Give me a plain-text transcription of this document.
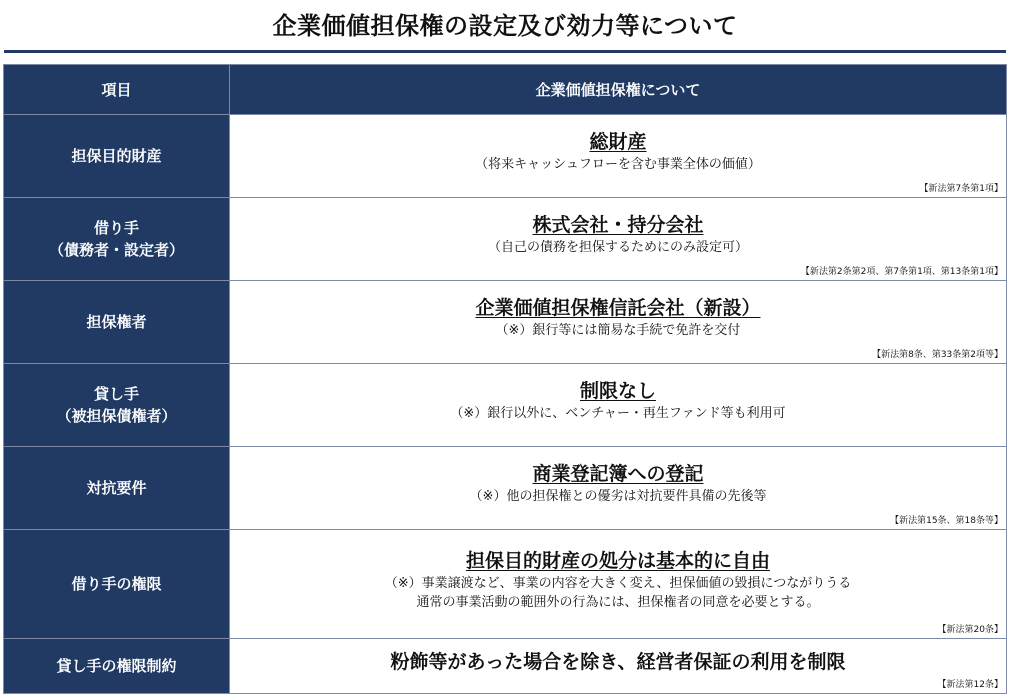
企業価値担保権の設定及び効力等について
項目	企業価値担保権について
担保目的財産
総財産
（将来キャッシュフローを含む事業全体の価値）
【新法第7条第1項】
借り手
（債務者・設定者）
株式会社・持分会社
（自己の債務を担保するためにのみ設定可）
【新法第2条第2項、第7条第1項、第13条第1項】
担保権者
企業価値担保権信託会社（新設）
（※）銀行等には簡易な手続で免許を交付
【新法第8条、第33条第2項等】
貸し手
（被担保債権者）
制限なし
（※）銀行以外に、ベンチャー・再生ファンド等も利用可
対抗要件
商業登記簿への登記
（※）他の担保権との優劣は対抗要件具備の先後等
【新法第15条、第18条等】
借り手の権限
担保目的財産の処分は基本的に自由
（※）事業譲渡など、事業の内容を大きく変え、担保価値の毀損につながりうる
通常の事業活動の範囲外の行為には、担保権者の同意を必要とする。
【新法第20条】
貸し手の権限制約	粉飾等があった場合を除き、経営者保証の利用を制限
【新法第12条】
